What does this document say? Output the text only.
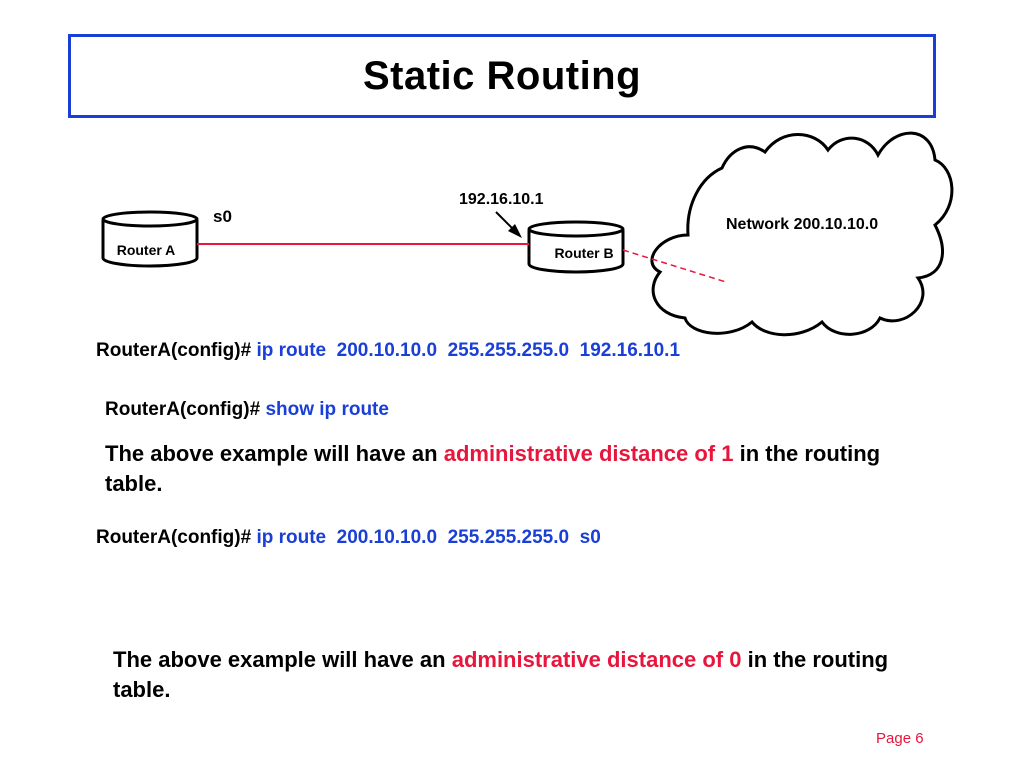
Static Routing
Router A	Router B
s0
192.16.10.1
Network 200.10.10.0
RouterA(config)# ip route  200.10.10.0  255.255.255.0  192.16.10.1
RouterA(config)# show ip route
The above example will have an administrative distance of 1 in the routing table.
RouterA(config)# ip route  200.10.10.0  255.255.255.0  s0
The above example will have an administrative distance of 0 in the routing table.
Page 6
